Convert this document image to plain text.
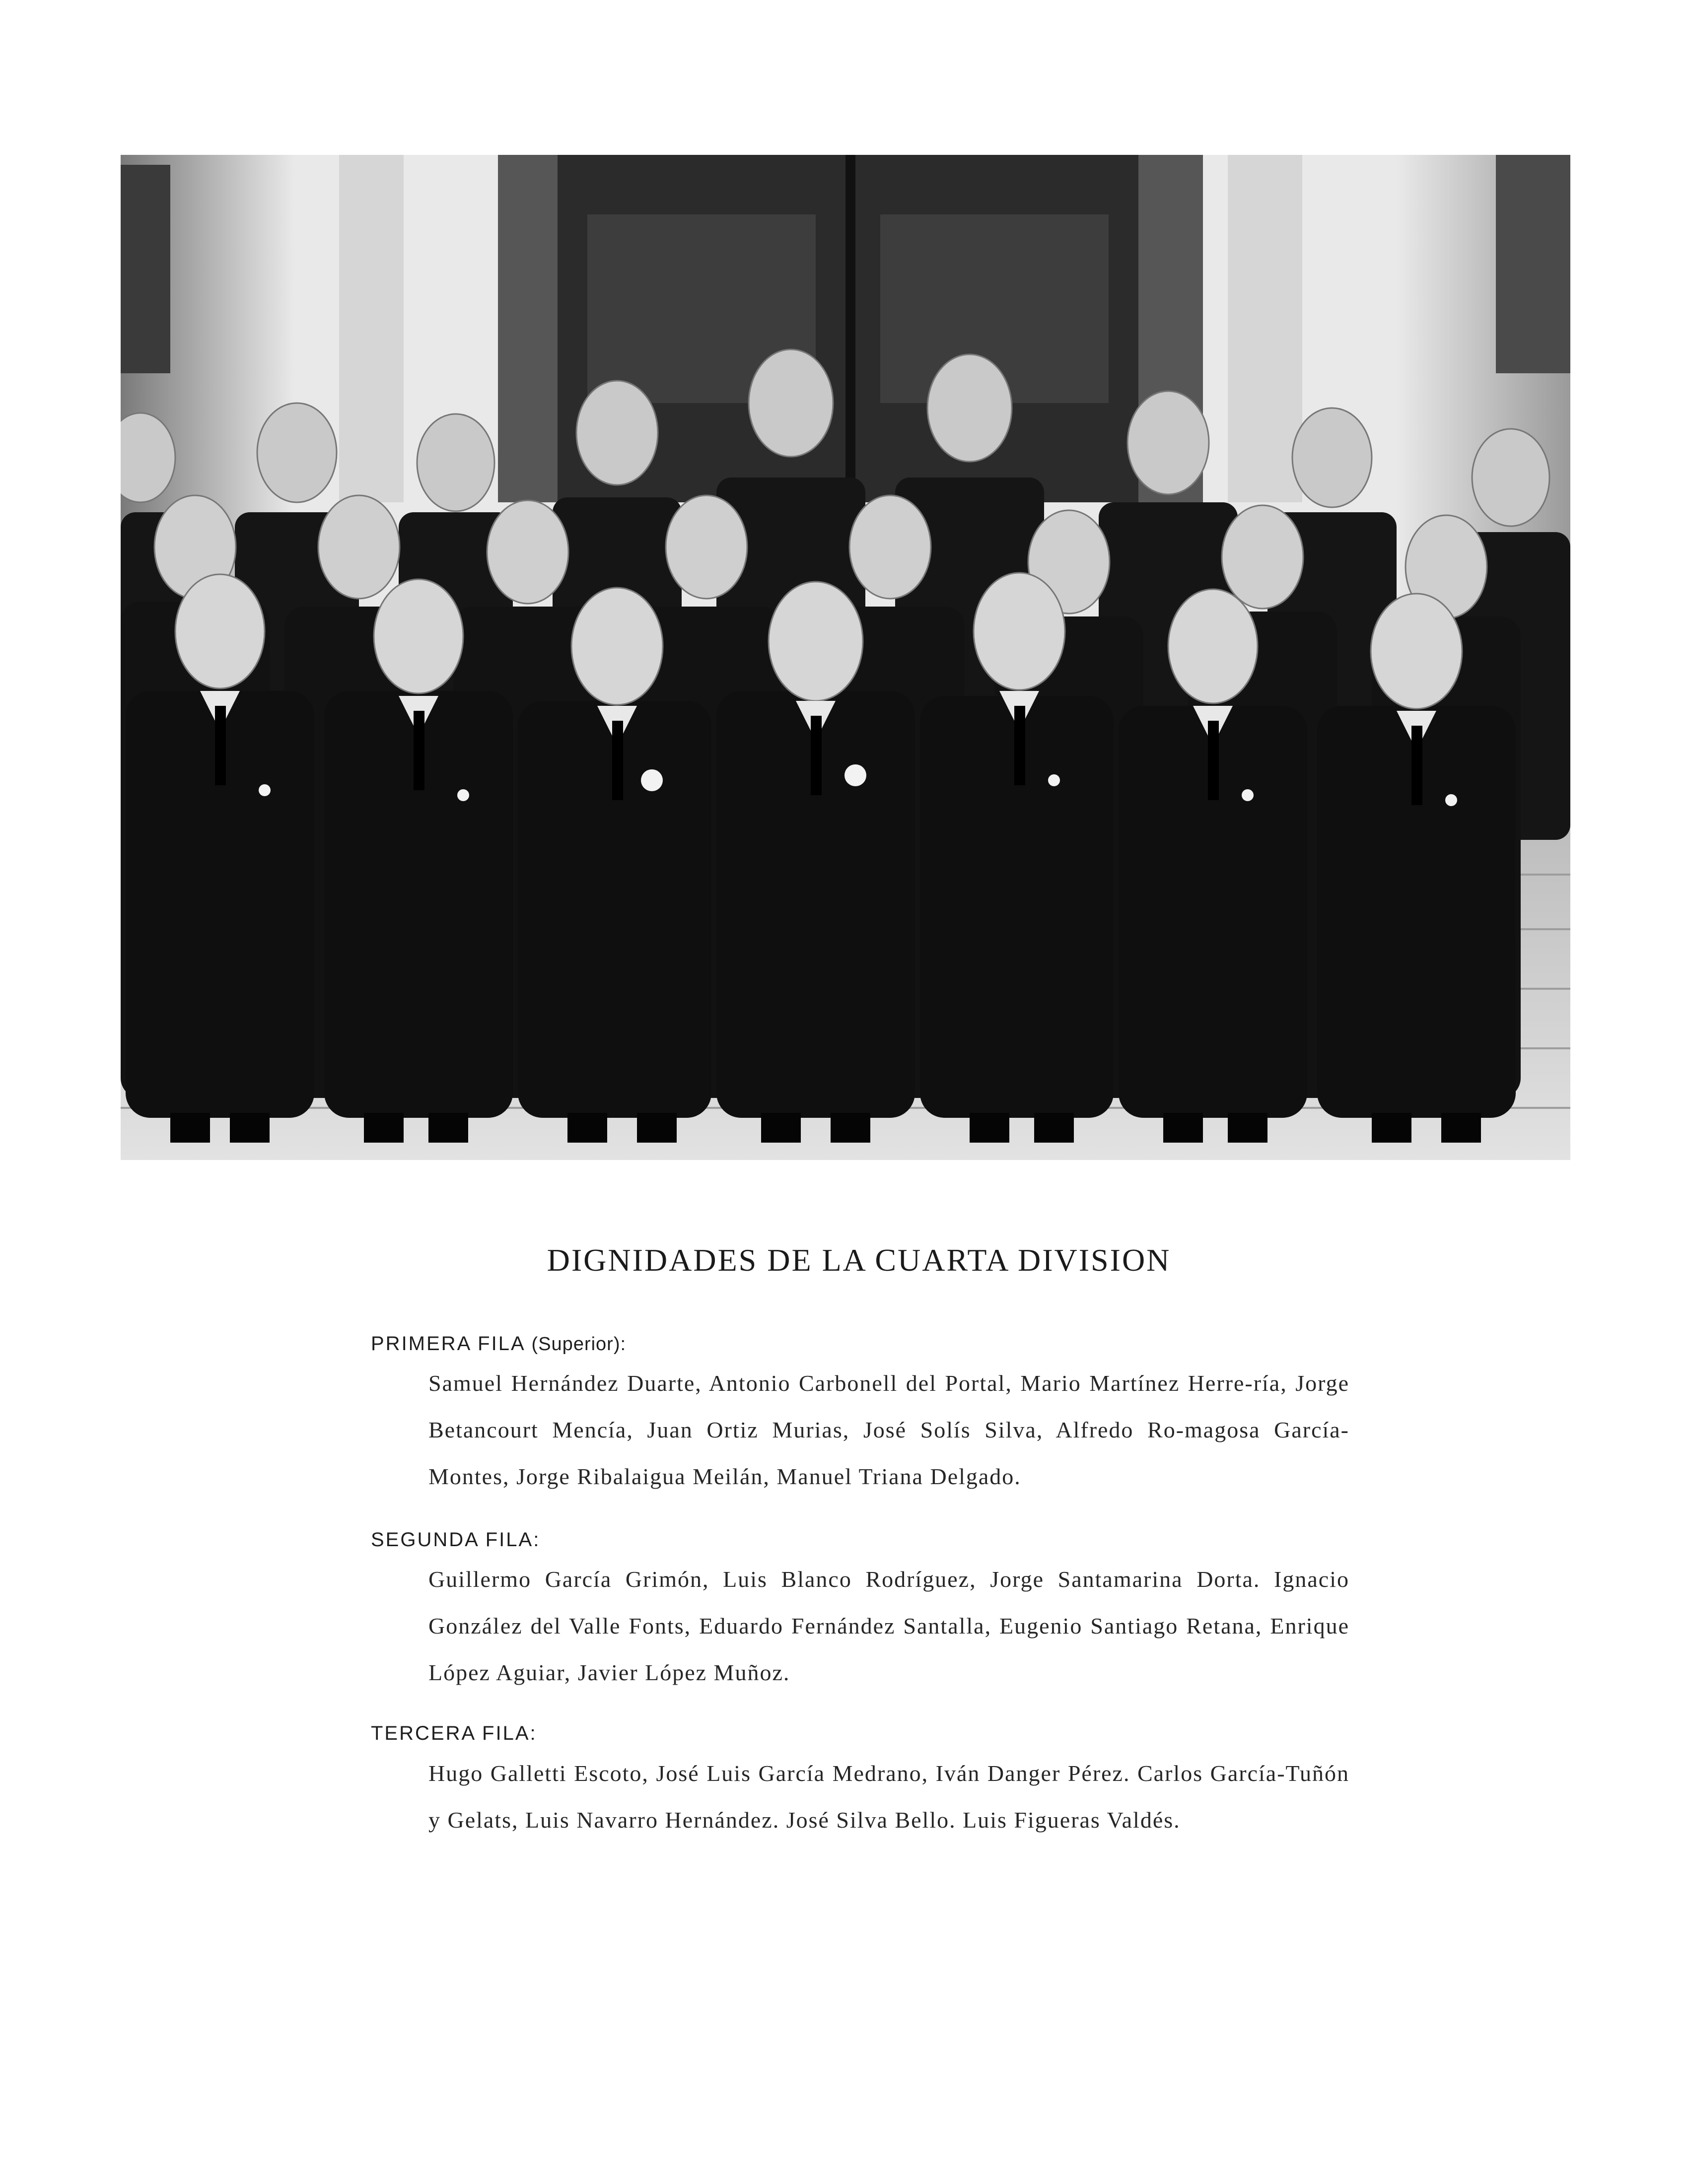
DIGNIDADES DE LA CUARTA DIVISION
PRIMERA FILA (Superior):
Samuel Hernández Duarte, Antonio Carbonell del Portal, Mario Martínez Herre-ría, Jorge Betancourt Mencía, Juan Ortiz Murias, José Solís Silva, Alfredo Ro-magosa García-Montes, Jorge Ribalaigua Meilán, Manuel Triana Delgado.
SEGUNDA FILA:
Guillermo García Grimón, Luis Blanco Rodríguez, Jorge Santamarina Dorta. Ignacio González del Valle Fonts, Eduardo Fernández Santalla, Eugenio Santiago Retana, Enrique López Aguiar, Javier López Muñoz.
TERCERA FILA:
Hugo Galletti Escoto, José Luis García Medrano, Iván Danger Pérez. Carlos García-Tuñón y Gelats, Luis Navarro Hernández. José Silva Bello. Luis Figueras Valdés.
